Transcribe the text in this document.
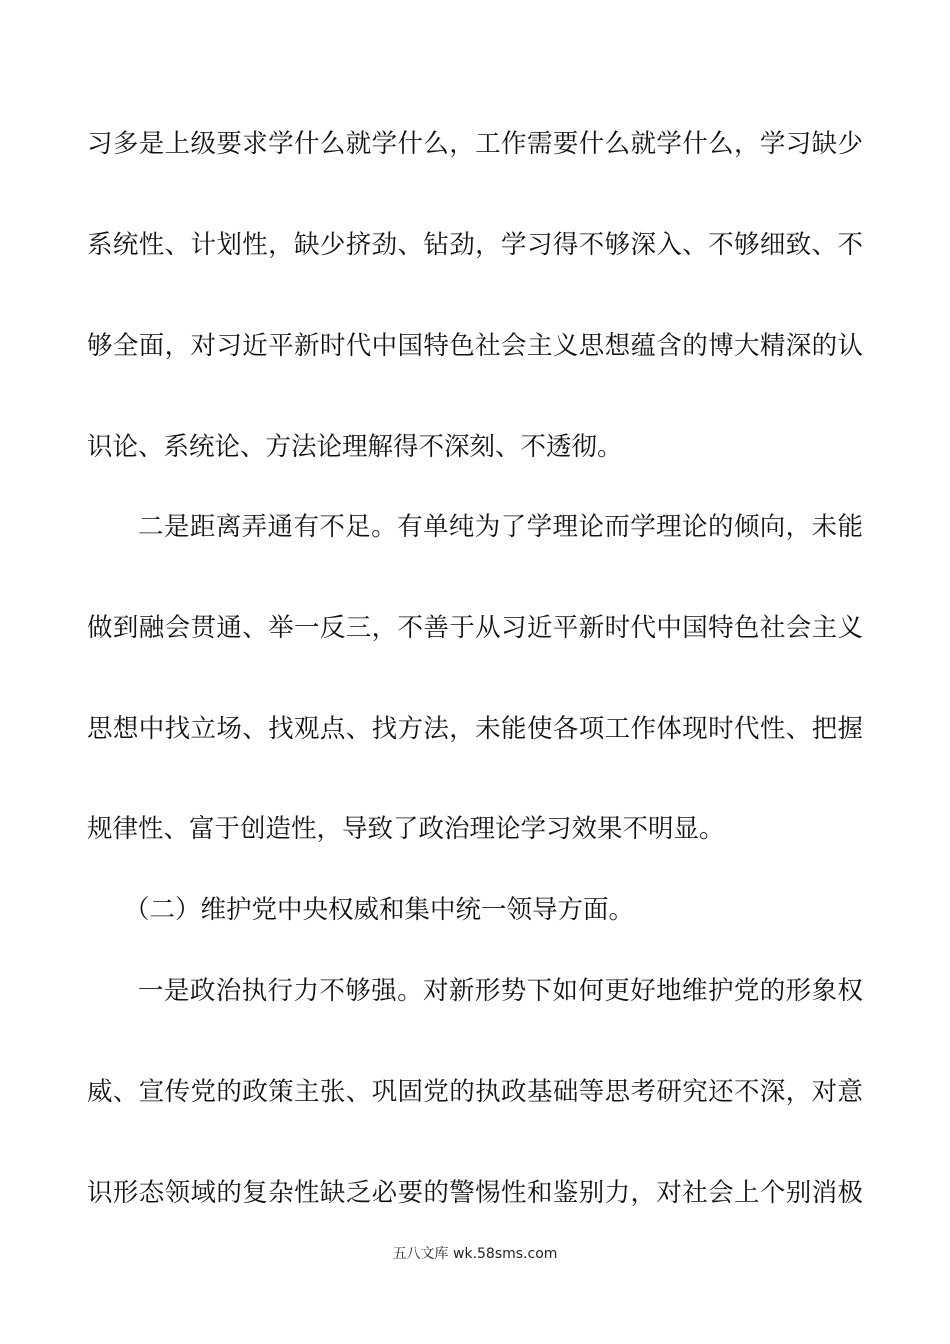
习多是上级要求学什么就学什么，工作需要什么就学什么，学习缺少
系统性、计划性，缺少挤劲、钻劲，学习得不够深入、不够细致、不
够全面，对习近平新时代中国特色社会主义思想蕴含的博大精深的认
识论、系统论、方法论理解得不深刻、不透彻。
二是距离弄通有不足。有单纯为了学理论而学理论的倾向，未能
做到融会贯通、举一反三，不善于从习近平新时代中国特色社会主义
思想中找立场、找观点、找方法，未能使各项工作体现时代性、把握
规律性、富于创造性，导致了政治理论学习效果不明显。
（二）维护党中央权威和集中统一领导方面。
一是政治执行力不够强。对新形势下如何更好地维护党的形象权
威、宣传党的政策主张、巩固党的执政基础等思考研究还不深，对意
识形态领域的复杂性缺乏必要的警惕性和鉴别力，对社会上个别消极
五八文库 wk.58sms.com
